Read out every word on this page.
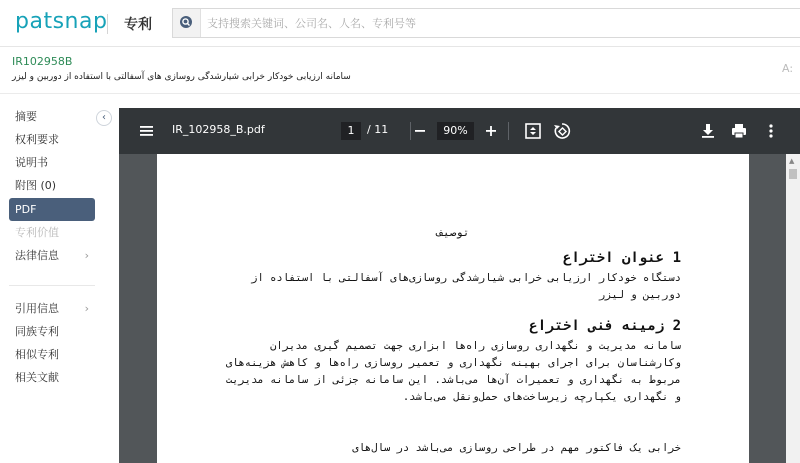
patsnap 专利
支持搜索关键词、公司名、人名、专利号等
IR102958B
سامانه ارزیابی خودکار خرابی شیارشدگی روسازی های آسفالتی با استفاده از دوربین و لیزر
A:
摘要
权利要求
说明书
附图 (0)
PDF
专利价值
法律信息 ›
引用信息 ›
同族专利
相似专利
相关文献
‹
IR_102958_B.pdf	1	/ 11	90%
توصیف
1 عنوان اختراع
دستگاه خودکار ارزیابی خرابی شیارشدگی روسازی‌های آسفالتی با استفاده از دوربین و لیزر
2 زمینه فنی اختراع
سامانه مدیریت و نگهداری روسازی راه‌ها ابزاری جهت تصمیم گیری مدیران وکارشناسان برای اجرای بهینه نگهداری و تعمیر روسازی راه‌ها و کاهش هزینه‌های مربوط به نگهداری و تعمیرات آن‌ها می‌باشد. این سامانه جزئی از سامانه مدیریت و نگهداری یکپارچه زیرساخت‌های حمل‌ونقل می‌باشد.
خرابی یک فاکتور مهم در طراحی روسازی می‌باشد در سال‌های
▲
